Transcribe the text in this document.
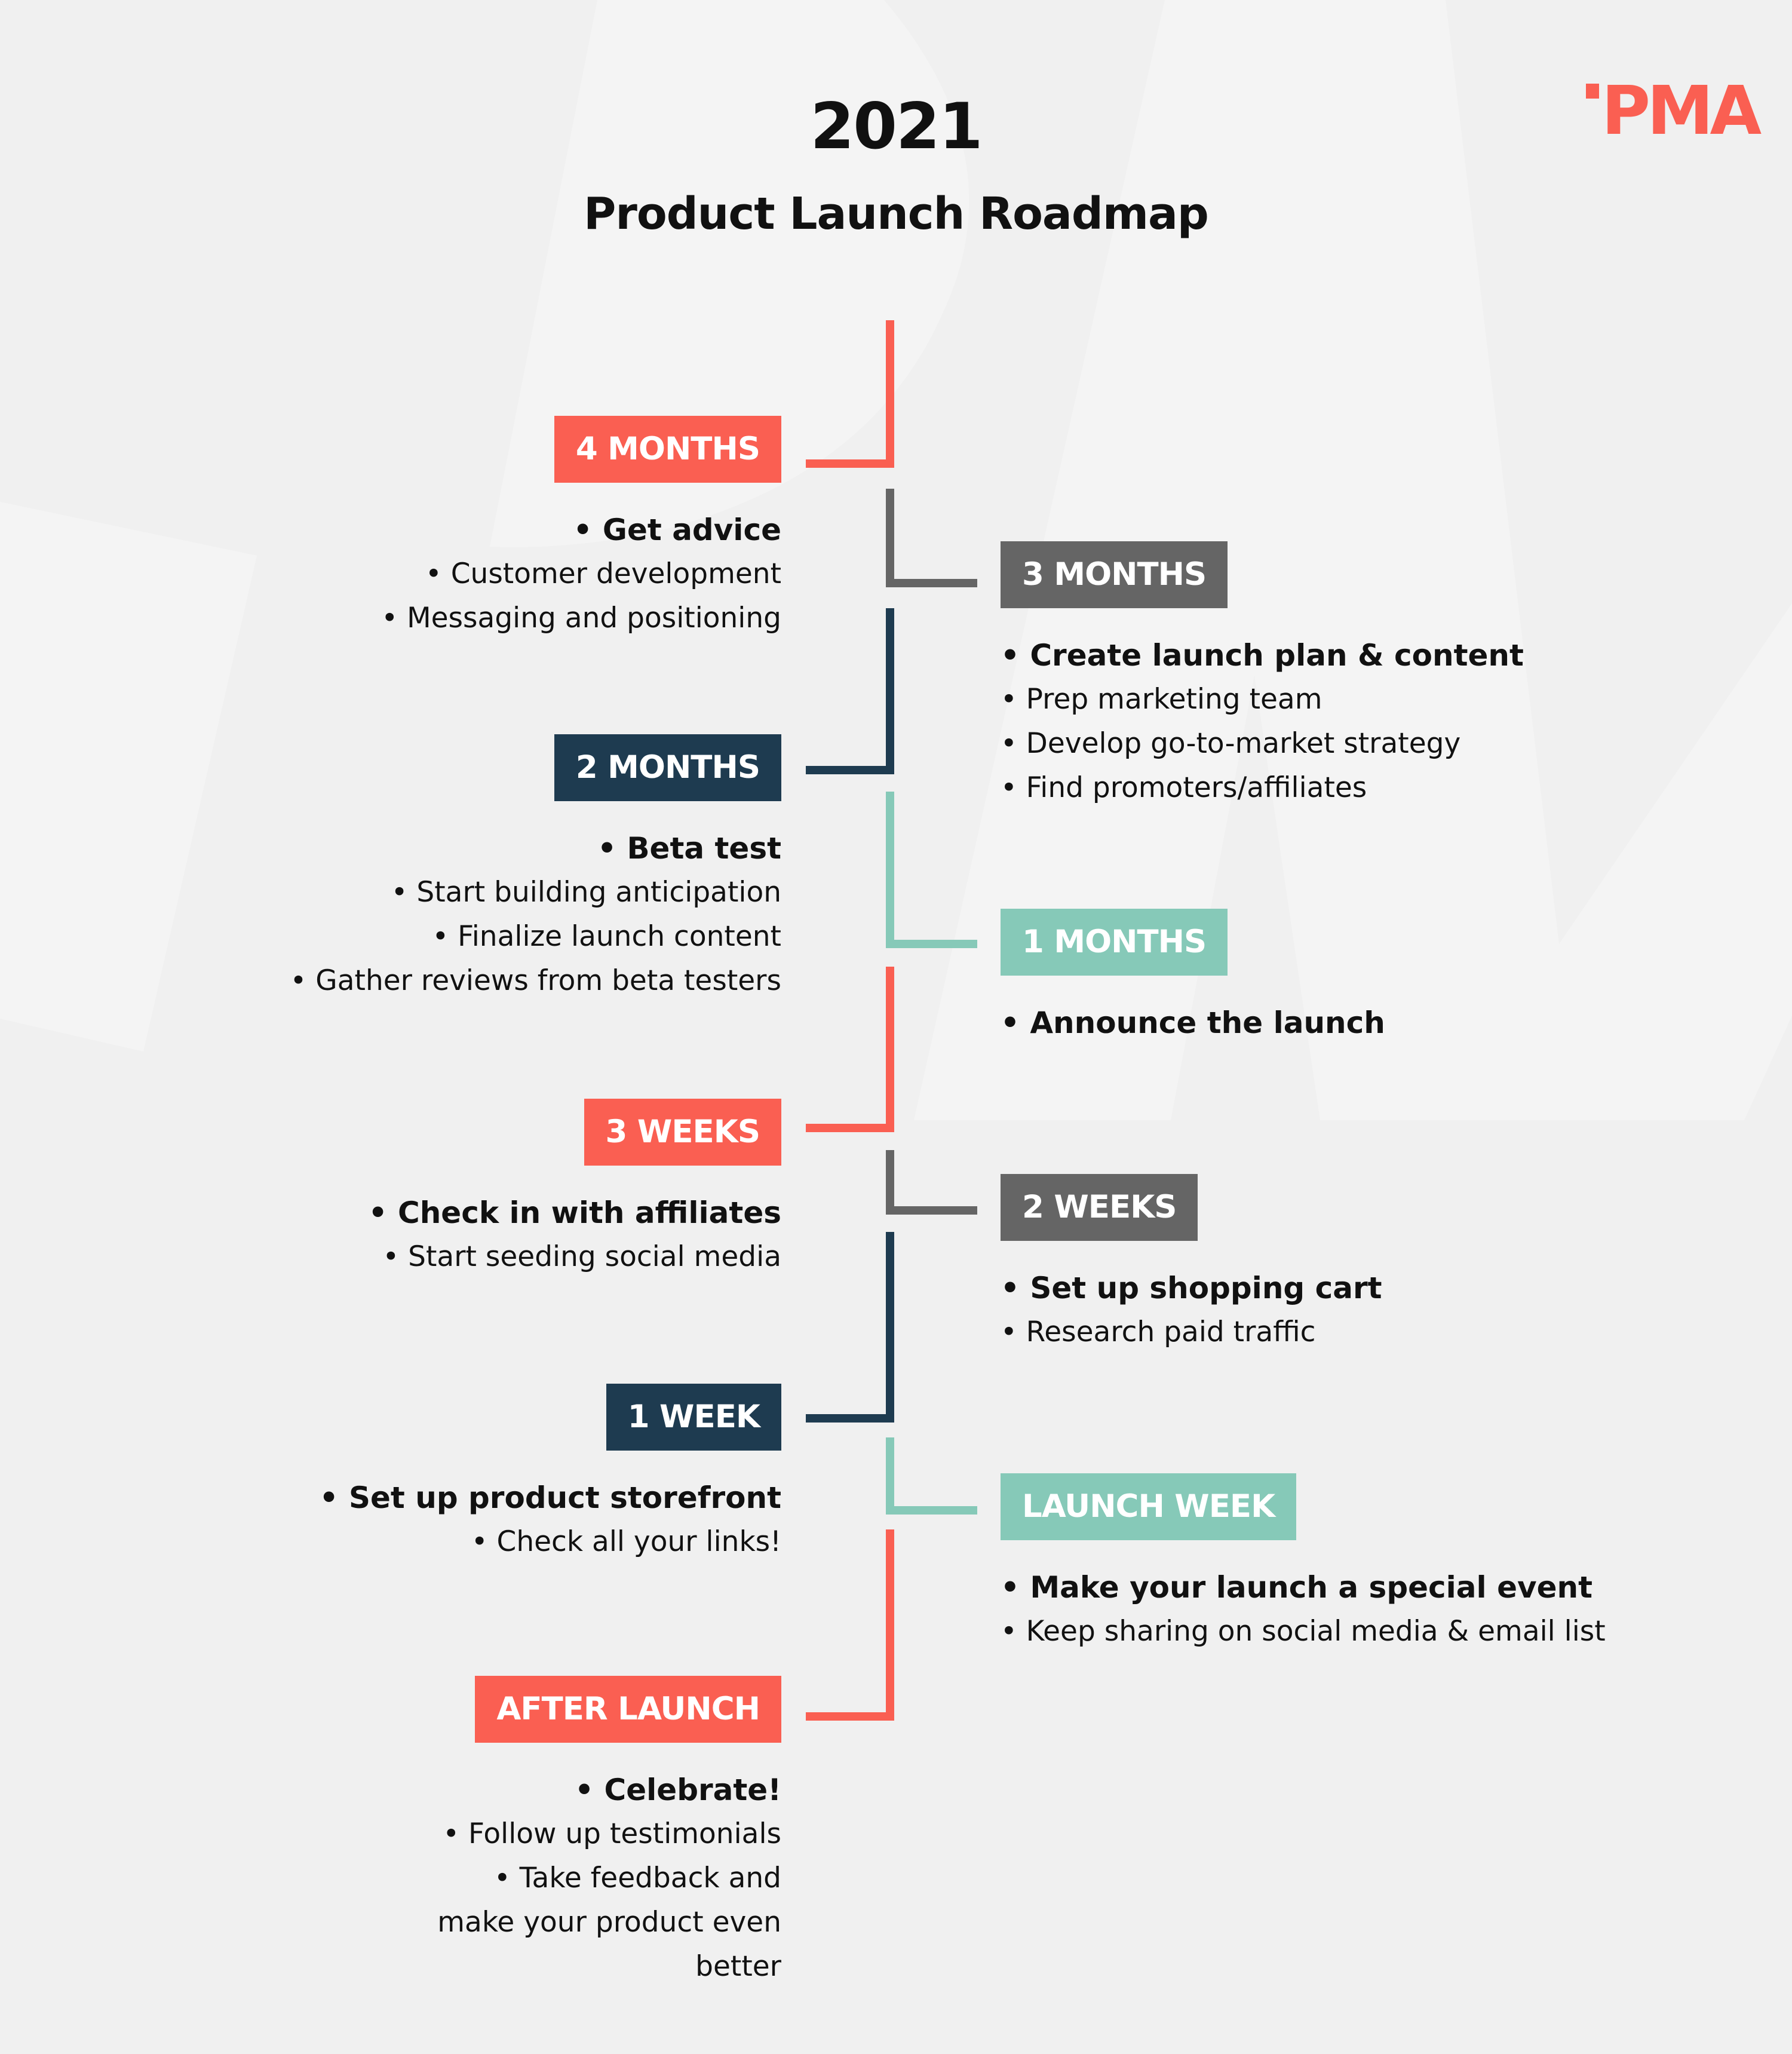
2021
Product Launch Roadmap
PMA
4 MONTHS
• Get advice
• Customer development
• Messaging and positioning
3 MONTHS
• Create launch plan & content
• Prep marketing team
• Develop go-to-market strategy
• Find promoters/affiliates
2 MONTHS
• Beta test
• Start building anticipation
• Finalize launch content
• Gather reviews from beta testers
1 MONTHS
• Announce the launch
3 WEEKS
• Check in with affiliates
• Start seeding social media
2 WEEKS
• Set up shopping cart
• Research paid traffic
1 WEEK
• Set up product storefront
• Check all your links!
LAUNCH WEEK
• Make your launch a special event
• Keep sharing on social media & email list
AFTER LAUNCH
• Celebrate!
• Follow up testimonials
• Take feedback and make your product even better
